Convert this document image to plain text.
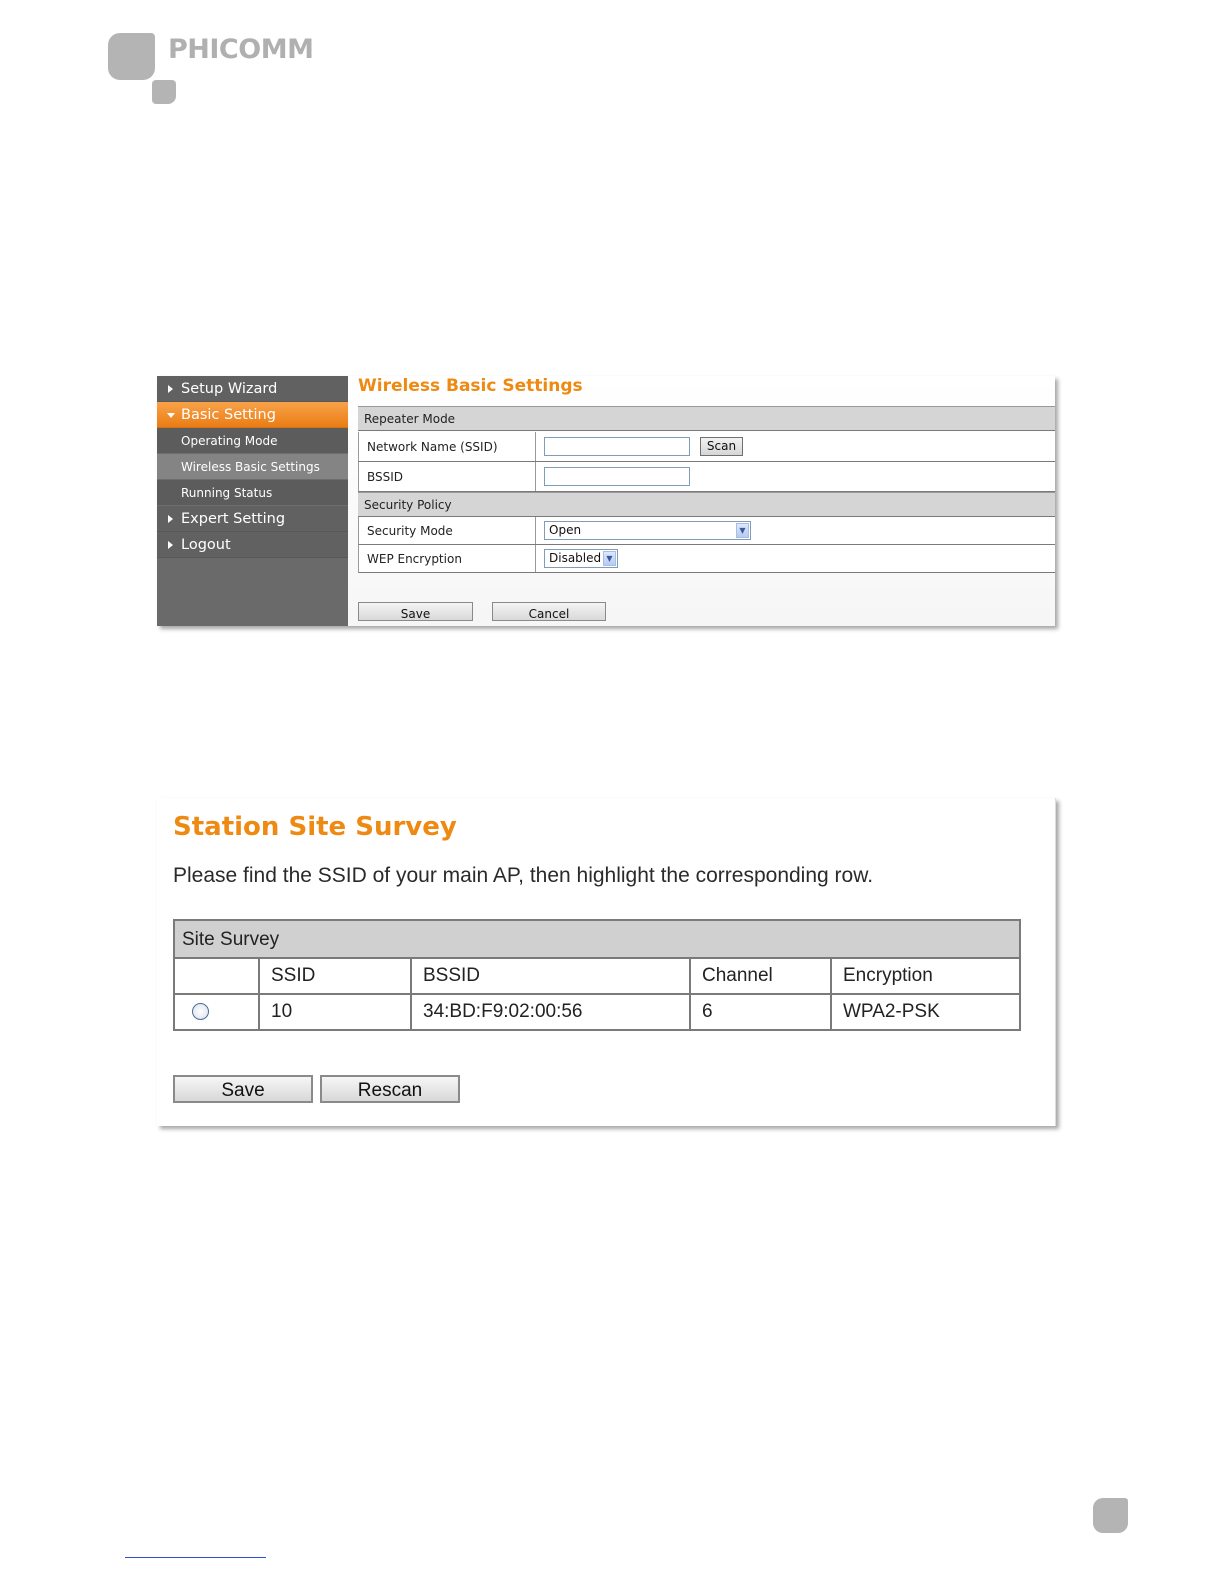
PHICOMM
Setup Wizard
Basic Setting
Operating Mode
Wireless Basic Settings
Running Status
Expert Setting
Logout
Wireless Basic Settings
Repeater Mode
Network Name (SSID)	Scan
BSSID
Security Policy
Security Mode	Open	▼
WEP Encryption	Disabled ▼
Save	Cancel
Station Site Survey
Please find the SSID of your main AP, then highlight the corresponding row.
Site Survey
	SSID	BSSID	Channel	Encryption
	10	34:BD:F9:02:00:56	6	WPA2-PSK
Save	Rescan
